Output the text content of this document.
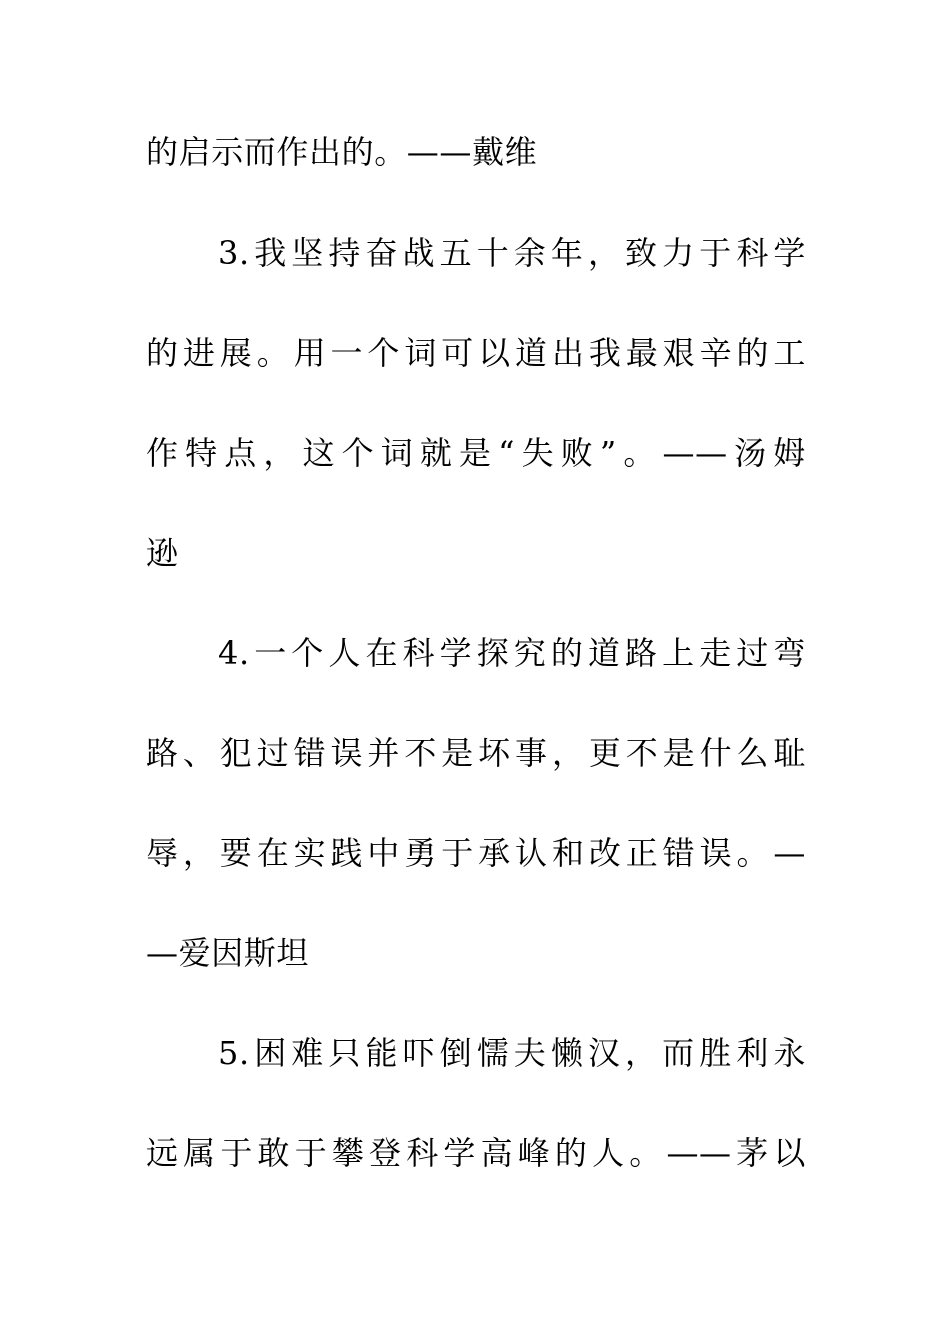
的启示而作出的。——戴维
3.我坚持奋战五十余年，致力于科学
的进展。用一个词可以道出我最艰辛的工
作特点，这个词就是“失败”。——汤姆
逊
4.一个人在科学探究的道路上走过弯
路、犯过错误并不是坏事，更不是什么耻
辱，要在实践中勇于承认和改正错误。—
—爱因斯坦
5.困难只能吓倒懦夫懒汉，而胜利永
远属于敢于攀登科学高峰的人。——茅以
